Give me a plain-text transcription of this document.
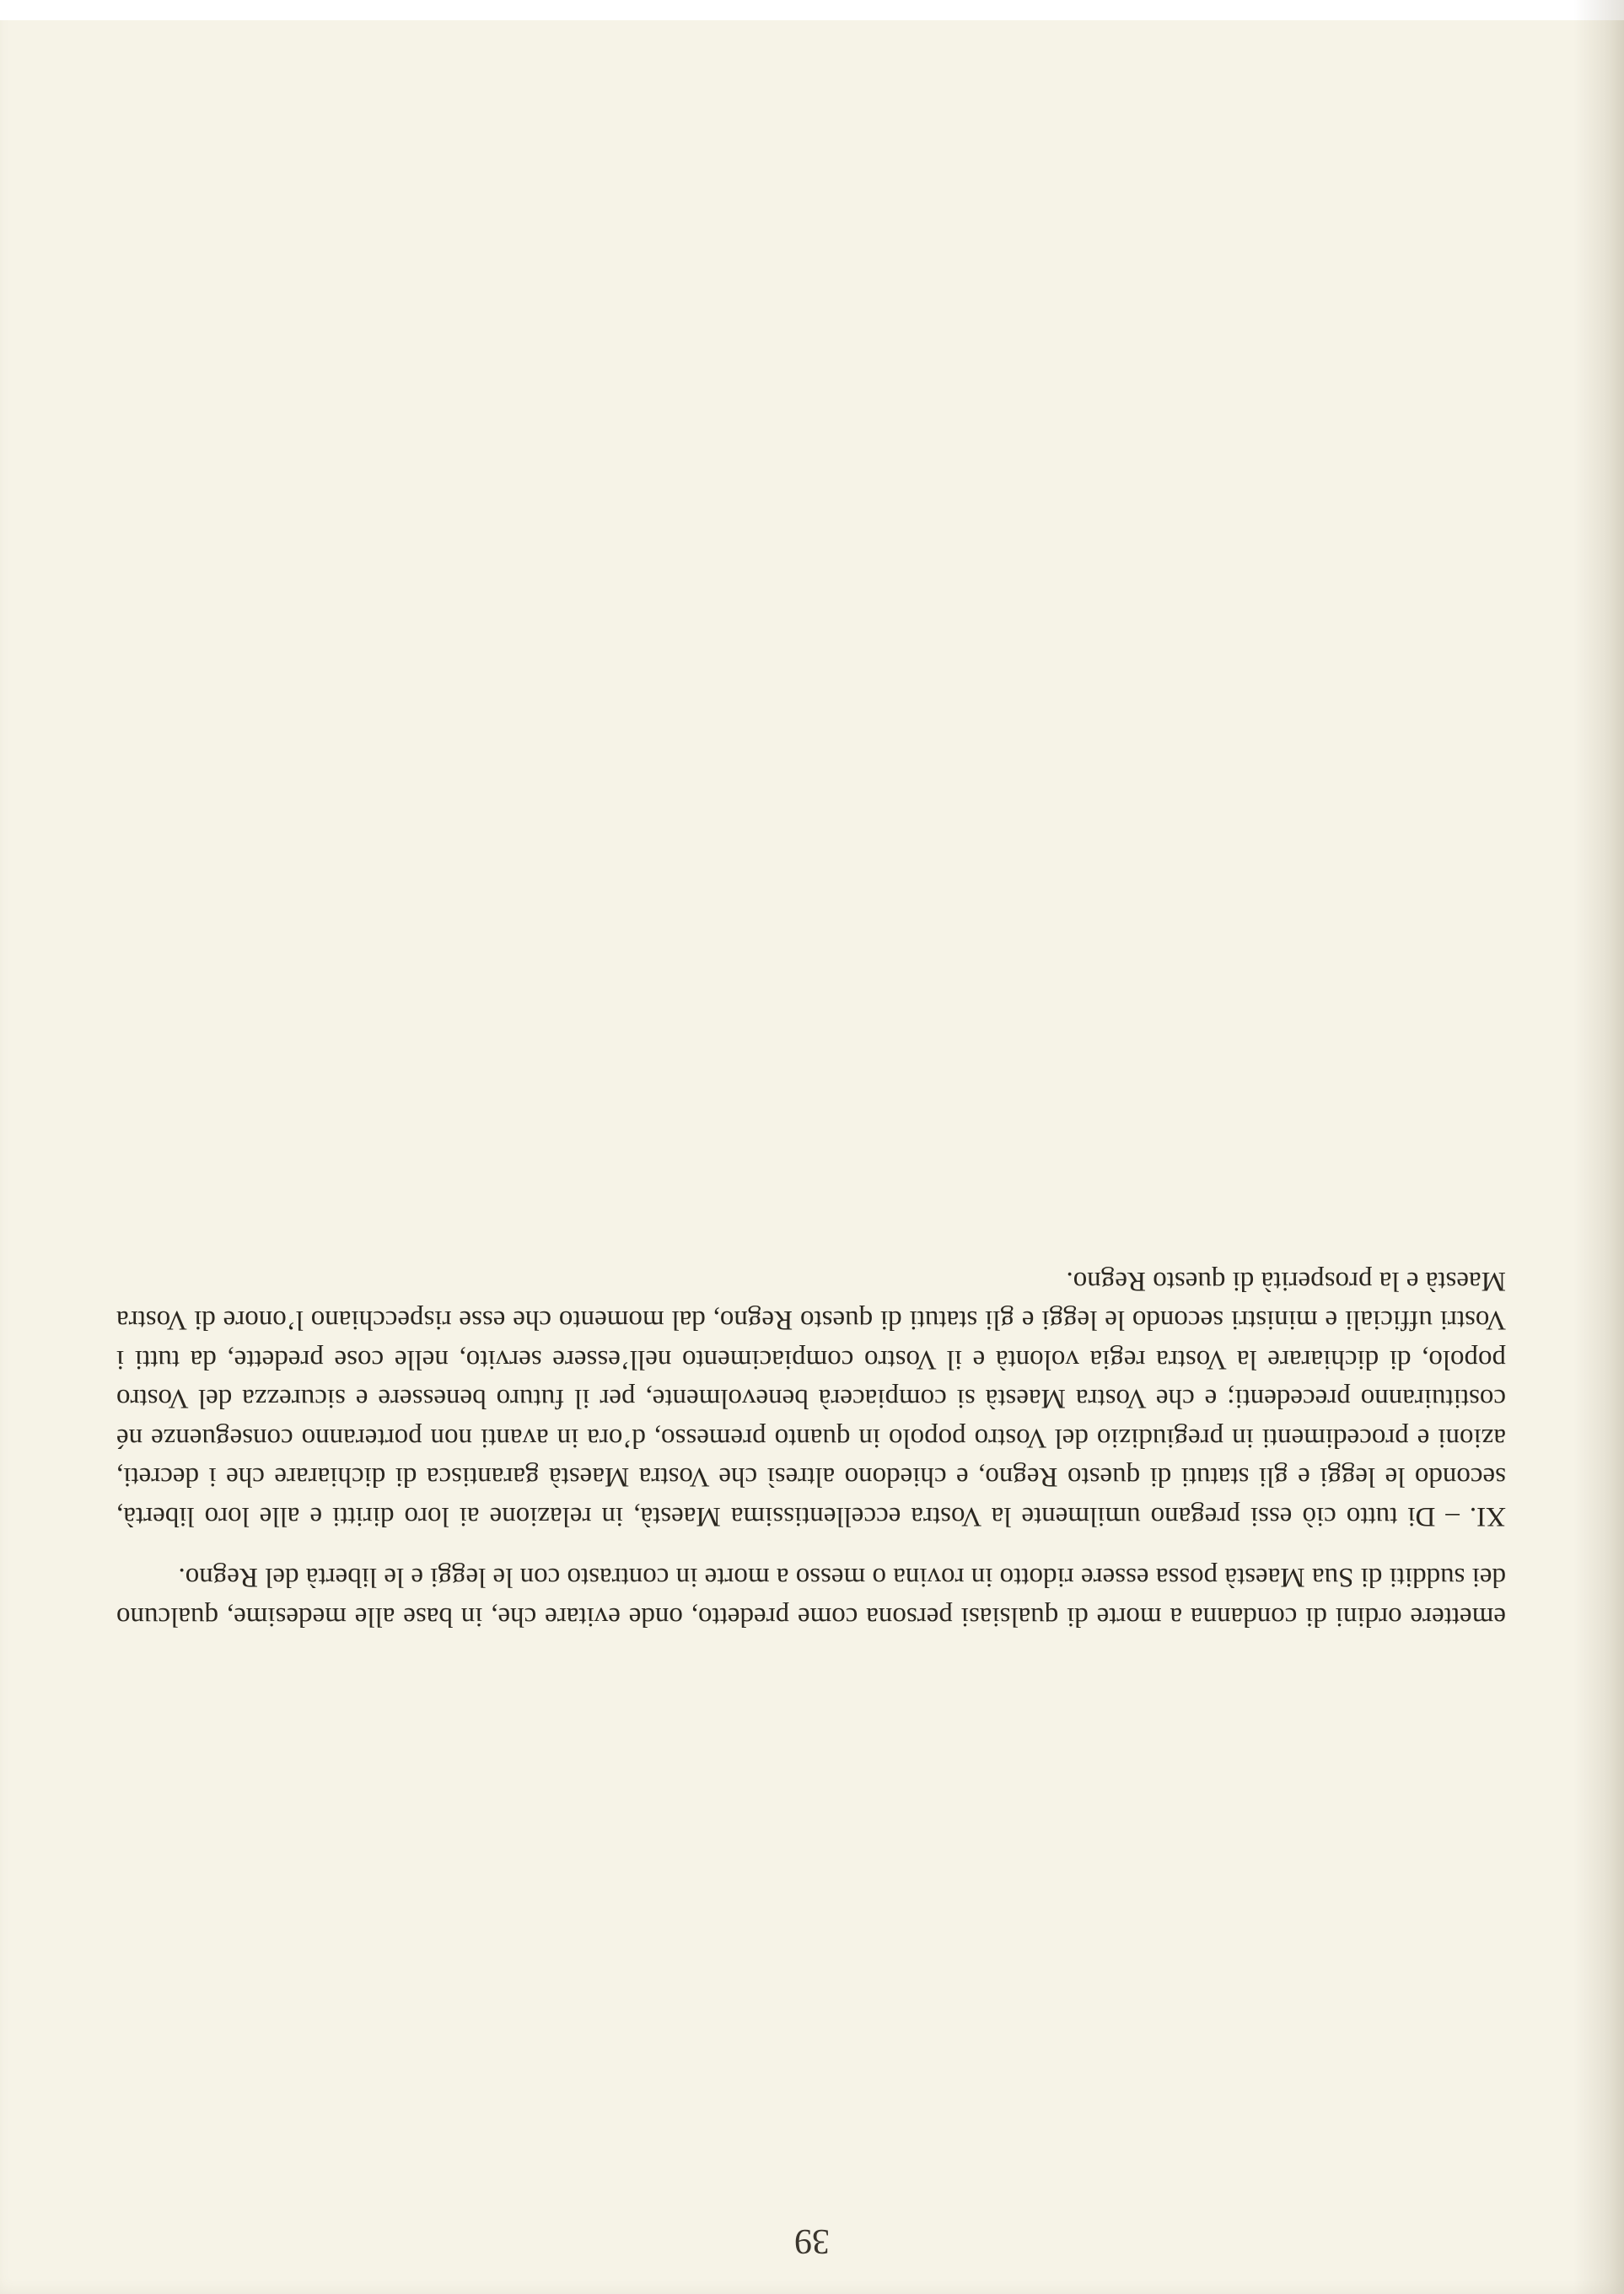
39

emettere ordini di condanna a morte di qualsiasi persona come predetto, onde evitare che, in base alle medesime, qualcuno dei sudditi di Sua Maestà possa essere ridotto in rovina o messo a morte in contrasto con le leggi e le libertà del Regno.

XI. – Di tutto ciò essi pregano umilmente la Vostra eccellentissima Maestà, in relazione ai loro diritti e alle loro libertà, secondo le leggi e gli statuti di questo Regno, e chiedono altresì che Vostra Maestà garantisca di dichiarare che i decreti, azioni e procedimenti in pregiudizio del Vostro popolo in quanto premesso, d’ora in avanti non porteranno conseguenze né costituiranno precedenti; e che Vostra Maestà si compiacerà benevolmente, per il futuro benessere e sicurezza del Vostro popolo, di dichiarare la Vostra regia volontà e il Vostro compiacimento nell’essere servito, nelle cose predette, da tutti i Vostri ufficiali e ministri secondo le leggi e gli statuti di questo Regno, dal momento che esse rispecchiano l’onore di Vostra Maestà e la prosperità di questo Regno.
